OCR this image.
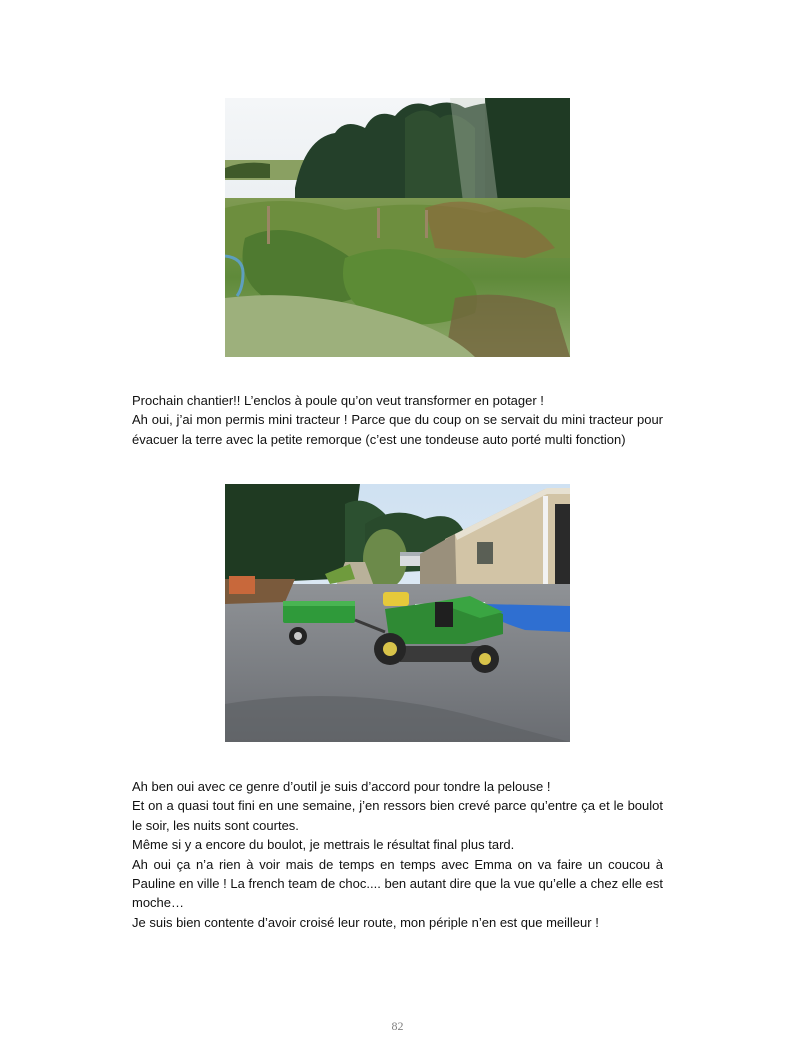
Prochain chantier!! L’enclos à poule qu’on veut transformer en potager !

Ah oui, j’ai mon permis mini tracteur ! Parce que du coup on se servait du mini tracteur pour évacuer la terre avec la petite remorque (c’est une tondeuse auto porté multi fonction)

Ah ben oui avec ce genre d’outil je suis d’accord pour tondre la pelouse !

Et on a quasi tout fini en une semaine, j’en ressors bien crevé parce qu’entre ça et le boulot le soir, les nuits sont courtes.

Même si y a encore du boulot, je mettrais le résultat final plus tard.

Ah oui ça n’a rien à voir mais de temps en temps avec Emma on va faire un coucou à Pauline en ville ! La french team de choc.... ben autant dire que la vue qu’elle a chez elle est moche…

Je suis bien contente d’avoir croisé leur route, mon périple n’en est que meilleur !

82
